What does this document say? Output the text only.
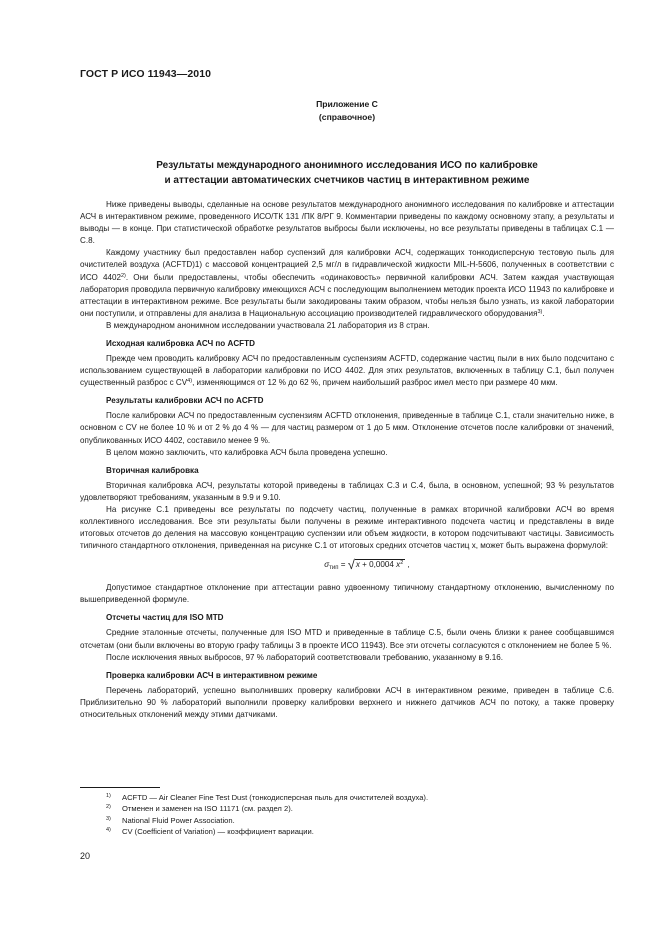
ГОСТ Р ИСО 11943—2010
Приложение С
(справочное)
Результаты международного анонимного исследования ИСО по калибровке
и аттестации автоматических счетчиков частиц в интерактивном режиме

Ниже приведены выводы, сделанные на основе результатов международного анонимного исследования по калибровке и аттестации АСЧ в интерактивном режиме, проведенного ИСО/ТК 131 /ПК 8/РГ 9. Комментарии приведены по каждому основному этапу, а результаты и выводы — в конце. При статистической обработке результатов выбросы были исключены, но все результаты приведены в таблицах С.1 — С.8.

Каждому участнику был предоставлен набор суспензий для калибровки АСЧ, содержащих тонкодисперсную тестовую пыль для очистителей воздуха (ACFTD)1) с массовой концентрацией 2,5 мг/л в гидравлической жидкости MIL-H-5606, полученных в соответствии с ИСО 4402$^{2)}$. Они были предоставлены, чтобы обеспечить «одинаковость» первичной калибровки АСЧ. Затем каждая участвующая лаборатория проводила первичную калибровку имеющихся АСЧ с последующим выполнением методик проекта ИСО 11943 по калибровке и аттестации в интерактивном режиме. Все результаты были закодированы таким образом, чтобы нельзя было узнать, из какой лаборатории они поступили, и отправлены для анализа в Национальную ассоциацию производителей гидравлического оборудования$^{3)}$.

В международном анонимном исследовании участвовала 21 лаборатория из 8 стран.

Исходная калибровка АСЧ по ACFTD

Прежде чем проводить калибровку АСЧ по предоставленным суспензиям ACFTD, содержание частиц пыли в них было подсчитано с использованием существующей в лаборатории калибровки по ИСО 4402. Для этих результатов, включенных в таблицу С.1, был получен существенный разброс с CV$^{4)}$, изменяющимся от 12 % до 62 %, причем наибольший разброс имел место при размере 40 мкм.

Результаты калибровки АСЧ по ACFTD

После калибровки АСЧ по предоставленным суспензиям ACFTD отклонения, приведенные в таблице С.1, стали значительно ниже, в основном с CV не более 10 % и от 2 % до 4 % — для частиц размером от 1 до 5 мкм. Отклонение отсчетов после калибровки от значений, опубликованных ИСО 4402, составило менее 9 %.

В целом можно заключить, что калибровка АСЧ была проведена успешно.

Вторичная калибровка

Вторичная калибровка АСЧ, результаты которой приведены в таблицах С.3 и С.4, была, в основном, успешной; 93 % результатов удовлетворяют требованиям, указанным в 9.9 и 9.10.

На рисунке С.1 приведены все результаты по подсчету частиц, полученные в рамках вторичной калибровки АСЧ во время коллективного исследования. Все эти результаты были получены в режиме интерактивного подсчета частиц и представлены в виде итоговых отсчетов до деления на массовую концентрацию суспензии или объем жидкости, в котором подсчитывают частицы. Зависимость типичного стандартного отклонения, приведенная на рисунке С.1 от итоговых средних отсчетов частиц x, может быть выражена формулой:

$\sigma_{тип} = √x + 0,0004$ $\overline{x}^2$ ,

Допустимое стандартное отклонение при аттестации равно удвоенному типичному стандартному отклонению, вычисленному по вышеприведенной формуле.

Отсчеты частиц для ISO MTD

Средние эталонные отсчеты, полученные для ISO MTD и приведенные в таблице С.5, были очень близки к ранее сообщавшимся отсчетам (они были включены во вторую графу таблицы 3 в проекте ИСО 11943). Все эти отсчеты согласуются с отклонением не более 5 %.

После исключения явных выбросов, 97 % лабораторий соответствовали требованию, указанному в 9.16.

Проверка калибровки АСЧ в интерактивном режиме

Перечень лабораторий, успешно выполнивших проверку калибровки АСЧ в интерактивном режиме, приведен в таблице С.6. Приблизительно 90 % лабораторий выполнили проверку калибровки верхнего и нижнего датчиков АСЧ по потоку, а также проверку относительных отклонений между этими датчиками.

$^{1)}$ ACFTD — Air Cleaner Fine Test Dust (тонкодисперсная пыль для очистителей воздуха).
$^{2)}$ Отменен и заменен на ISO 11171 (см. раздел 2).
$^{3)}$ National Fluid Power Association.
$^{4)}$ CV (Coefficient of Variation) — коэффициент вариации.
20
